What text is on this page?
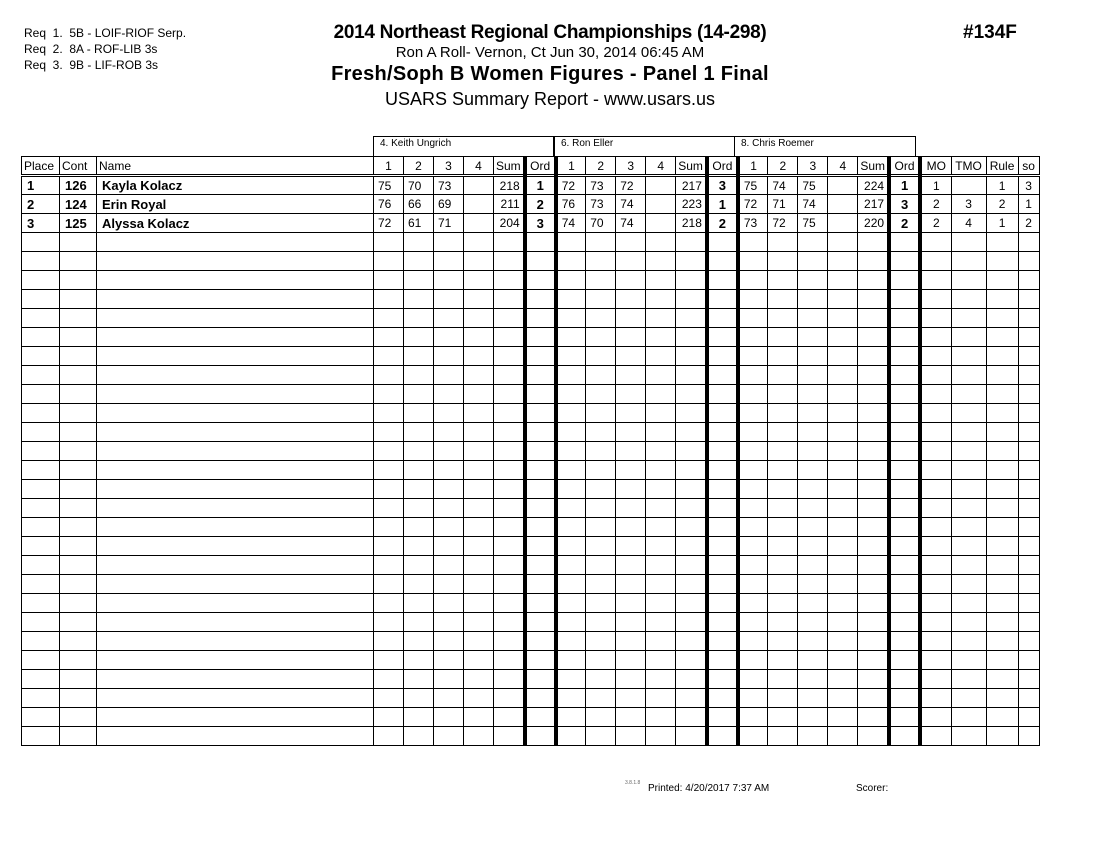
Req  1.  5B - LOIF-RIOF Serp.
Req  2.  8A - ROF-LIB 3s
Req  3.  9B - LIF-ROB 3s
2014 Northeast Regional Championships (14-298)
Ron A Roll- Vernon, Ct Jun 30, 2014 06:45 AM
Fresh/Soph B Women Figures - Panel 1 Final
USARS Summary Report - www.usars.us
#134F
4. Keith Ungrich	6. Ron Eller	8. Chris Roemer
Place	Cont	Name	1	2	3	4	Sum	Ord	1	2	3	4	Sum	Ord	1	2	3	4	Sum	Ord	MO	TMO	Rule	so
1	126	Kayla Kolacz	75	70	73		218	1	72	73	72		217	3	75	74	75		224	1	1		1	3
2	124	Erin Royal	76	66	69		211	2	76	73	74		223	1	72	71	74		217	3	2	3	2	1
3	125	Alyssa Kolacz	72	61	71		204	3	74	70	74		218	2	73	72	75		220	2	2	4	1	2

3.8.1.8 Printed: 4/20/2017 7:37 AM	Scorer:
